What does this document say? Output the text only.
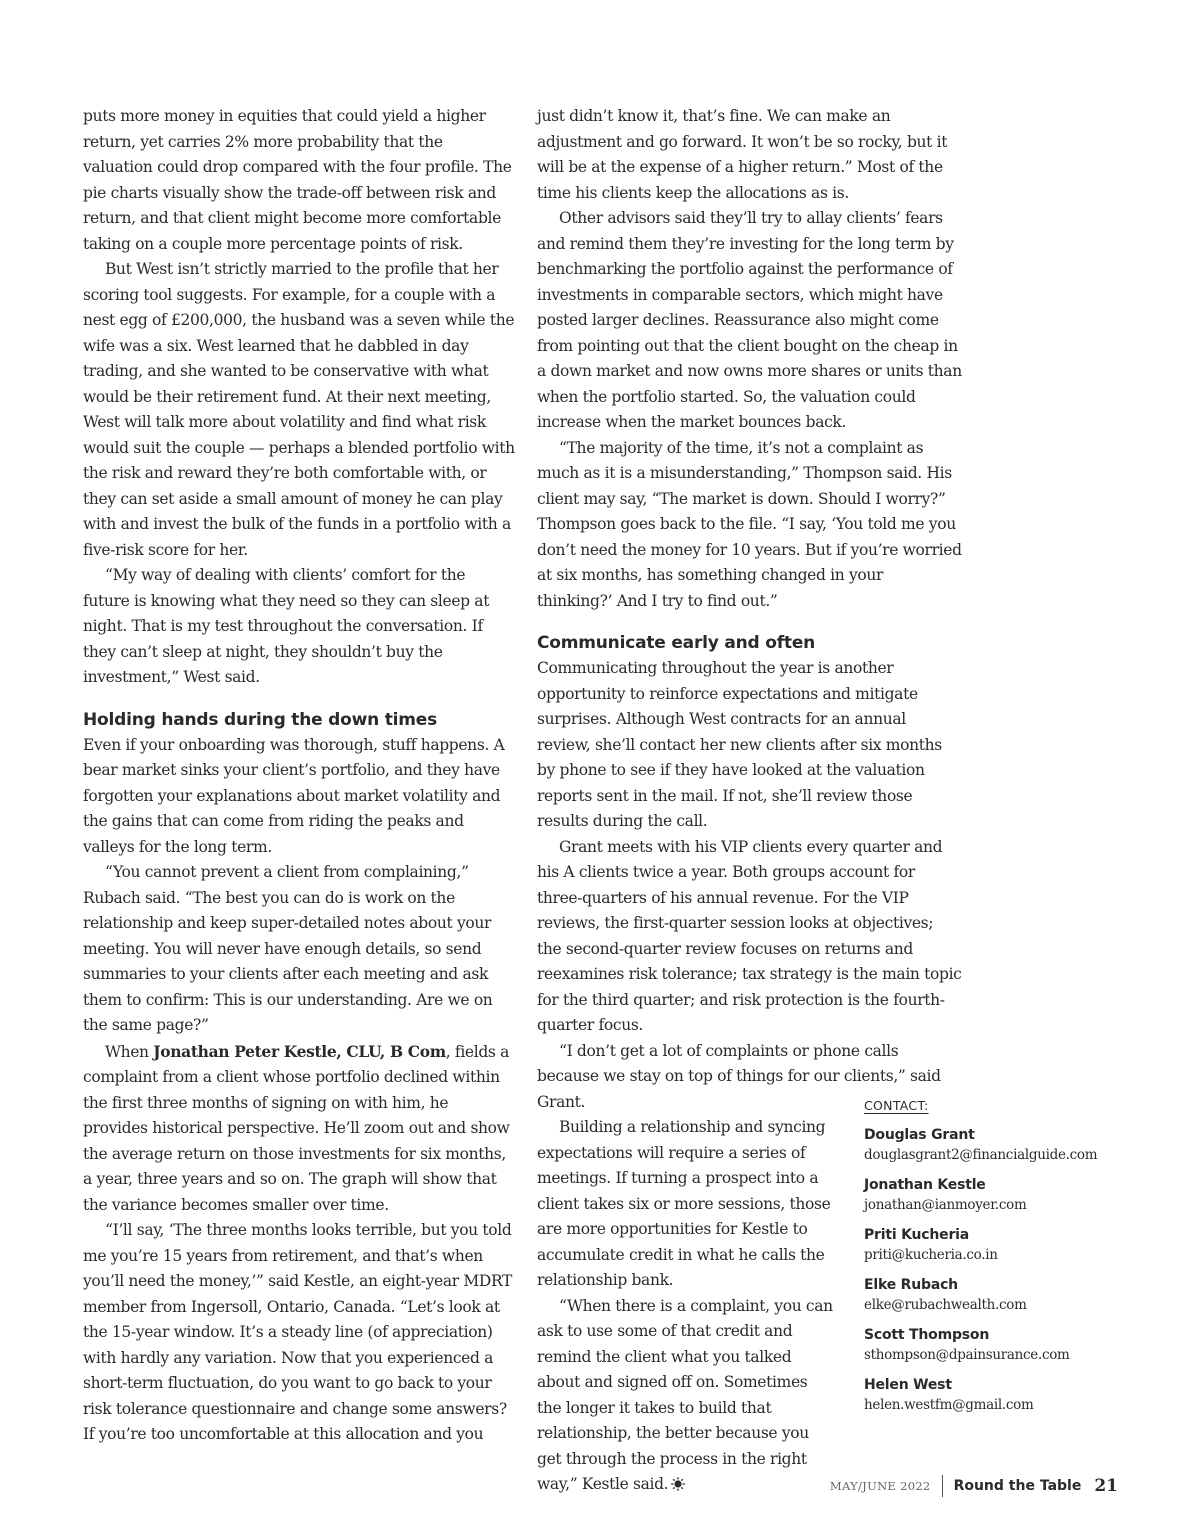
puts more money in equities that could yield a higher return, yet carries 2% more probability that the valuation could drop compared with the four profile. The pie charts visually show the trade-off between risk and return, and that client might become more comfortable taking on a couple more percentage points of risk.

But West isn’t strictly married to the profile that her scoring tool suggests. For example, for a couple with a nest egg of £200,000, the husband was a seven while the wife was a six. West learned that he dabbled in day trading, and she wanted to be conservative with what would be their retirement fund. At their next meeting, West will talk more about volatility and find what risk would suit the couple — perhaps a blended portfolio with the risk and reward they’re both comfortable with, or they can set aside a small amount of money he can play with and invest the bulk of the funds in a portfolio with a five-risk score for her.

“My way of dealing with clients’ comfort for the future is knowing what they need so they can sleep at night. That is my test throughout the conversation. If they can’t sleep at night, they shouldn’t buy the investment,” West said.

Holding hands during the down times

Even if your onboarding was thorough, stuff happens. A bear market sinks your client’s portfolio, and they have forgotten your explanations about market volatility and the gains that can come from riding the peaks and valleys for the long term.

“You cannot prevent a client from complaining,” Rubach said. “The best you can do is work on the relationship and keep super-detailed notes about your meeting. You will never have enough details, so send summaries to your clients after each meeting and ask them to confirm: This is our understanding. Are we on the same page?”

When Jonathan Peter Kestle, CLU, B Com, fields a complaint from a client whose portfolio declined within the first three months of signing on with him, he provides historical perspective. He’ll zoom out and show the average return on those investments for six months, a year, three years and so on. The graph will show that the variance becomes smaller over time.

“I’ll say, ‘The three months looks terrible, but you told me you’re 15 years from retirement, and that’s when you’ll need the money,’” said Kestle, an eight-year MDRT member from Ingersoll, Ontario, Canada. “Let’s look at the 15-year window. It’s a steady line (of appreciation) with hardly any variation. Now that you experienced a short-term fluctuation, do you want to go back to your risk tolerance questionnaire and change some answers? If you’re too uncomfortable at this allocation and you

just didn’t know it, that’s fine. We can make an adjustment and go forward. It won’t be so rocky, but it will be at the expense of a higher return.” Most of the time his clients keep the allocations as is.

Other advisors said they’ll try to allay clients’ fears and remind them they’re investing for the long term by benchmarking the portfolio against the performance of investments in comparable sectors, which might have posted larger declines. Reassurance also might come from pointing out that the client bought on the cheap in a down market and now owns more shares or units than when the portfolio started. So, the valuation could increase when the market bounces back.

“The majority of the time, it’s not a complaint as much as it is a misunderstanding,” Thompson said. His client may say, “The market is down. Should I worry?” Thompson goes back to the file. “I say, ‘You told me you don’t need the money for 10 years. But if you’re worried at six months, has something changed in your thinking?’ And I try to find out.”

Communicate early and often

Communicating throughout the year is another opportunity to reinforce expectations and mitigate surprises. Although West contracts for an annual review, she’ll contact her new clients after six months by phone to see if they have looked at the valuation reports sent in the mail. If not, she’ll review those results during the call.

Grant meets with his VIP clients every quarter and his A clients twice a year. Both groups account for three-quarters of his annual revenue. For the VIP reviews, the first-quarter session looks at objectives; the second-quarter review focuses on returns and reexamines risk tolerance; tax strategy is the main topic for the third quarter; and risk protection is the fourth-quarter focus.

“I don’t get a lot of complaints or phone calls because we stay on top of things for our clients,” said Grant.

Building a relationship and syncing expectations will require a series of meetings. If turning a prospect into a client takes six or more sessions, those are more opportunities for Kestle to accumulate credit in what he calls the relationship bank.

“When there is a complaint, you can ask to use some of that credit and remind the client what you talked about and signed off on. Sometimes the longer it takes to build that relationship, the better because you get through the process in the right way,” Kestle said.

CONTACT:
Douglas Grant
douglasgrant2@financialguide.com
Jonathan Kestle
jonathan@ianmoyer.com
Priti Kucheria
priti@kucheria.co.in
Elke Rubach
elke@rubachwealth.com
Scott Thompson
sthompson@dpainsurance.com
Helen West
helen.westfm@gmail.com
MAY/JUNE 2022 Round the Table 21
